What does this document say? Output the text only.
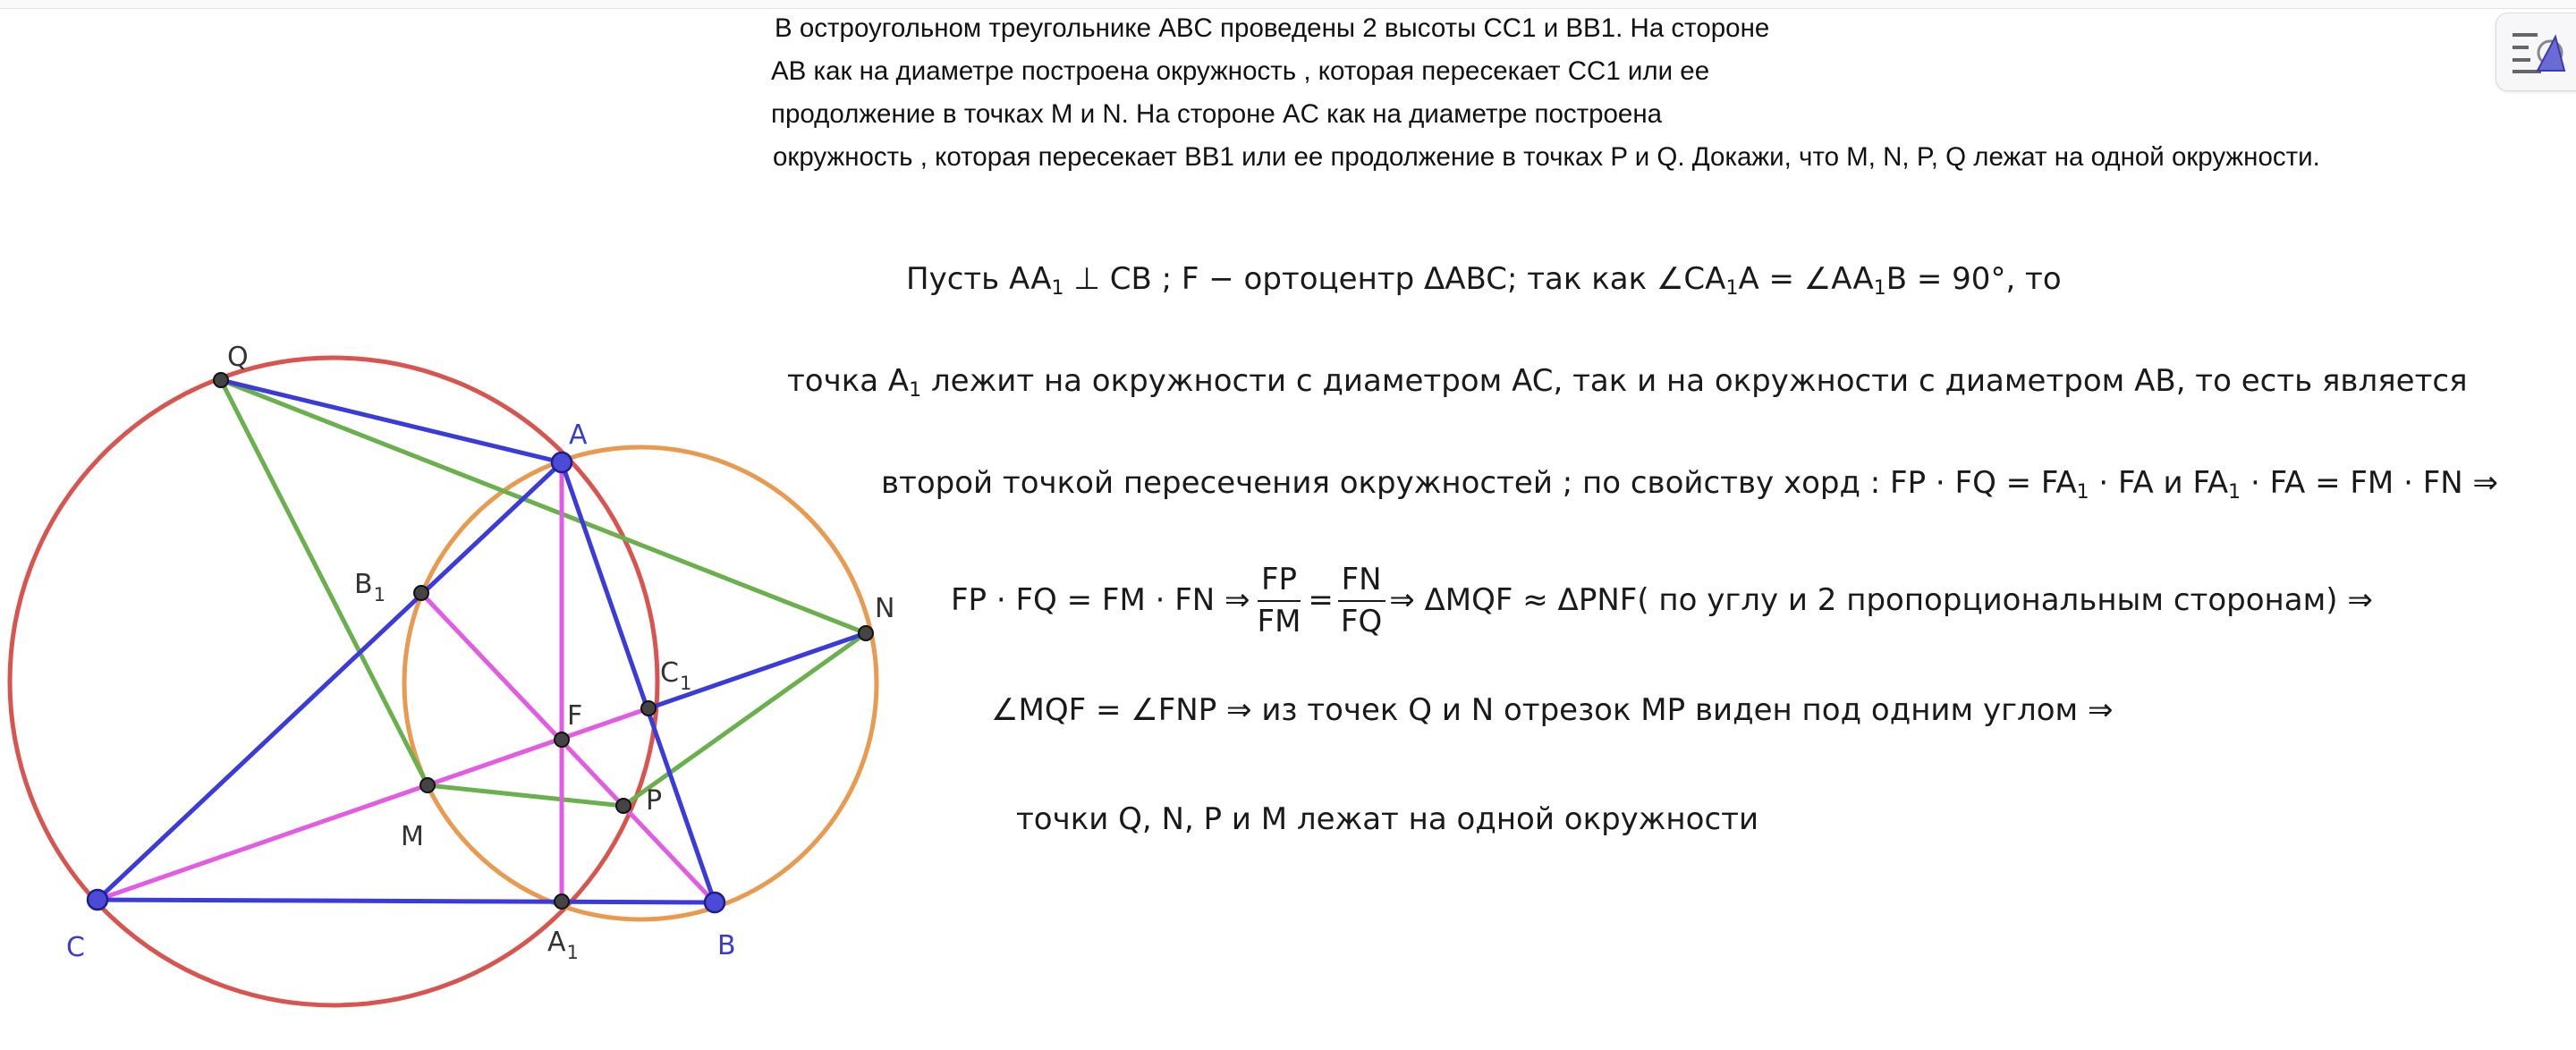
В остроугольном треугольнике ABC проведены 2 высоты CC1 и BB1. На стороне
AB как на диаметре построена окружность , которая пересекает CC1 или ее
продолжение в точках M и N. На стороне AC как на диаметре построена
окружность , которая пересекает BB1 или ее продолжение в точках P и Q. Докажи, что M, N, P, Q лежат на одной окружности.
Q
A
$B_1$	N
$C_1$
F
P
M
C	$A_1$	B
Пусть $AA_1$ ⊥ CB ; F − ортоцентр ΔABC; так как $\angle CA_1A$ = $\angle AA_1B = 90^\circ$, то
точка $A_1$ лежит на окружности с диаметром AC, так и на окружности с диаметром AB, то есть является
второй точкой пересечения окружностей ; по свойству хорд : FP · FQ = $FA_1$ · FA и $FA_1$ · FA = FM · FN ⇒
FP · FQ = FM · FN ⇒ $\frac{FP}{FM} = \frac{FN}{FQ}$ ⇒ ΔMQF ≈ ΔPNF( по углу и 2 пропорциональным сторонам) ⇒
∠MQF = ∠FNP ⇒ из точек Q и N отрезок MP виден под одним углом ⇒
точки Q, N, P и M лежат на одной окружности
